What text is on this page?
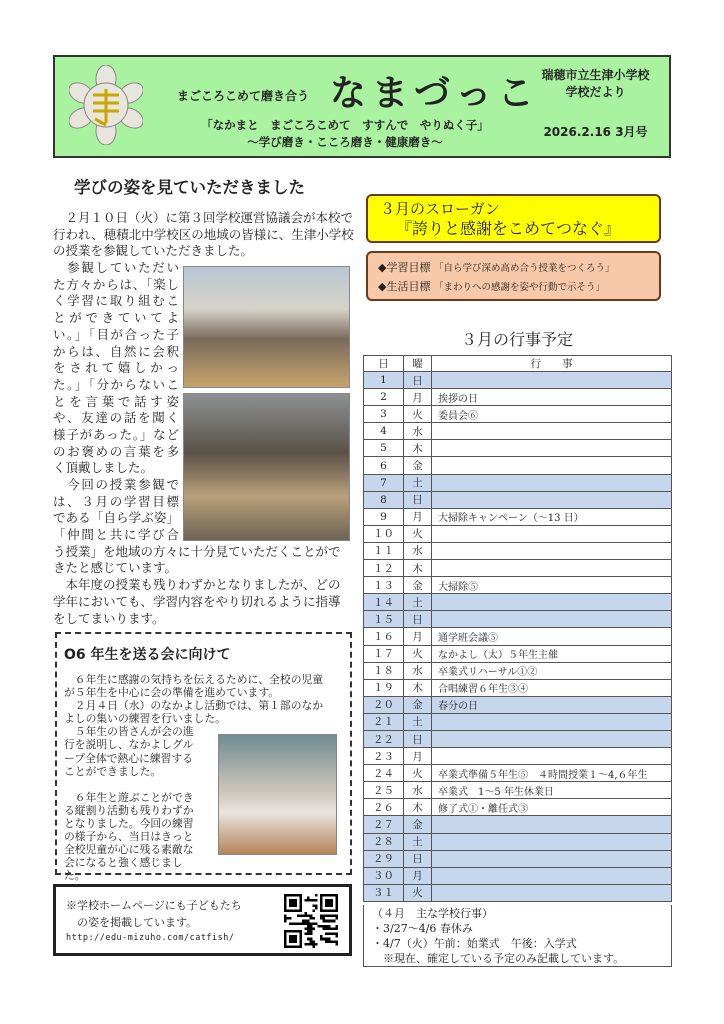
まごころこめて磨き合う なまづっこ 瑞穂市立生津小学校
学校だより
「なかまと　まごころこめて　すすんで　やりぬく子」
～学び磨き・こころ磨き・健康磨き～
2026.2.16 3月号
学びの姿を見ていただきました
　２月１０日（火）に第３回学校運営協議会が本校で
行われ、穂積北中学校区の地域の皆様に、生津小学校
の授業を参観していただきました。
　参観していただい
た方々からは、「楽し
く学習に取り組むこ
とができていてよ
い。」「目が合った子
からは、自然に会釈
をされて嬉しかっ
た。」「分からないこ
とを言葉で話す姿
や、友達の話を聞く
様子があった。」など
のお褒めの言葉を多
く頂戴しました。
　今回の授業参観で
は、３月の学習目標
である「自ら学ぶ姿」
「仲間と共に学び合
う授業」を地域の方々に十分見ていただくことがで
きたと感じています。
　本年度の授業も残りわずかとなりましたが、どの
学年においても、学習内容をやり切れるように指導
をしてまいります。
O6 年生を送る会に向けて
　６年生に感謝の気持ちを伝えるために、全校の児童
が５年生を中心に会の準備を進めています。
　２月４日（水）のなかよし活動では、第１部のなか
よしの集いの練習を行いました。
　５年生の皆さんが会の進
行を説明し、なかよしグル
ープ全体で熱心に練習する
ことができました。
　６年生と遊ぶことができ
る縦割り活動も残りわずか
となりました。今回の練習
の様子から、当日はきっと
全校児童が心に残る素敵な
会になると強く感じまし
た。
※学校ホームページにも子どもたち
　の姿を掲載しています。
http://edu-mizuho.com/catfish/
３月のスローガン
『誇りと感謝をこめてつなぐ』
◆学習目標 「自ら学び深め高め合う授業をつくろう」
◆生活目標 「まわりへの感謝を姿や行動で示そう」
３月の行事予定
日	曜	行　　事
1	日	
2	月	挨拶の日
3	火	委員会⑥
4	水	
5	木	
6	金	
7	土	
8	日	
9	月	大掃除キャンペーン（～13 日）
１０	火	
１１	水	
１２	木	
１３	金	大掃除⑤
１４	土	
１５	日	
１６	月	通学班会議⑤
１７	火	なかよし（太）５年生主催
１８	水	卒業式リハーサル①②
１９	木	合唱練習６年生③④
２０	金	春分の日
２１	土	
２２	日	
２３	月	
２４	火	卒業式準備５年生⑤　４時間授業１～4,６年生
２５	水	卒業式　1～5 年生休業日
２６	木	修了式①・離任式③
２７	金	
２８	土	
２９	日	
３０	月	
３１	火	
（４月　主な学校行事）
・3/27～4/6 春休み
・4/7（火）午前：始業式　午後：入学式
　※現在、確定している予定のみ記載しています。
